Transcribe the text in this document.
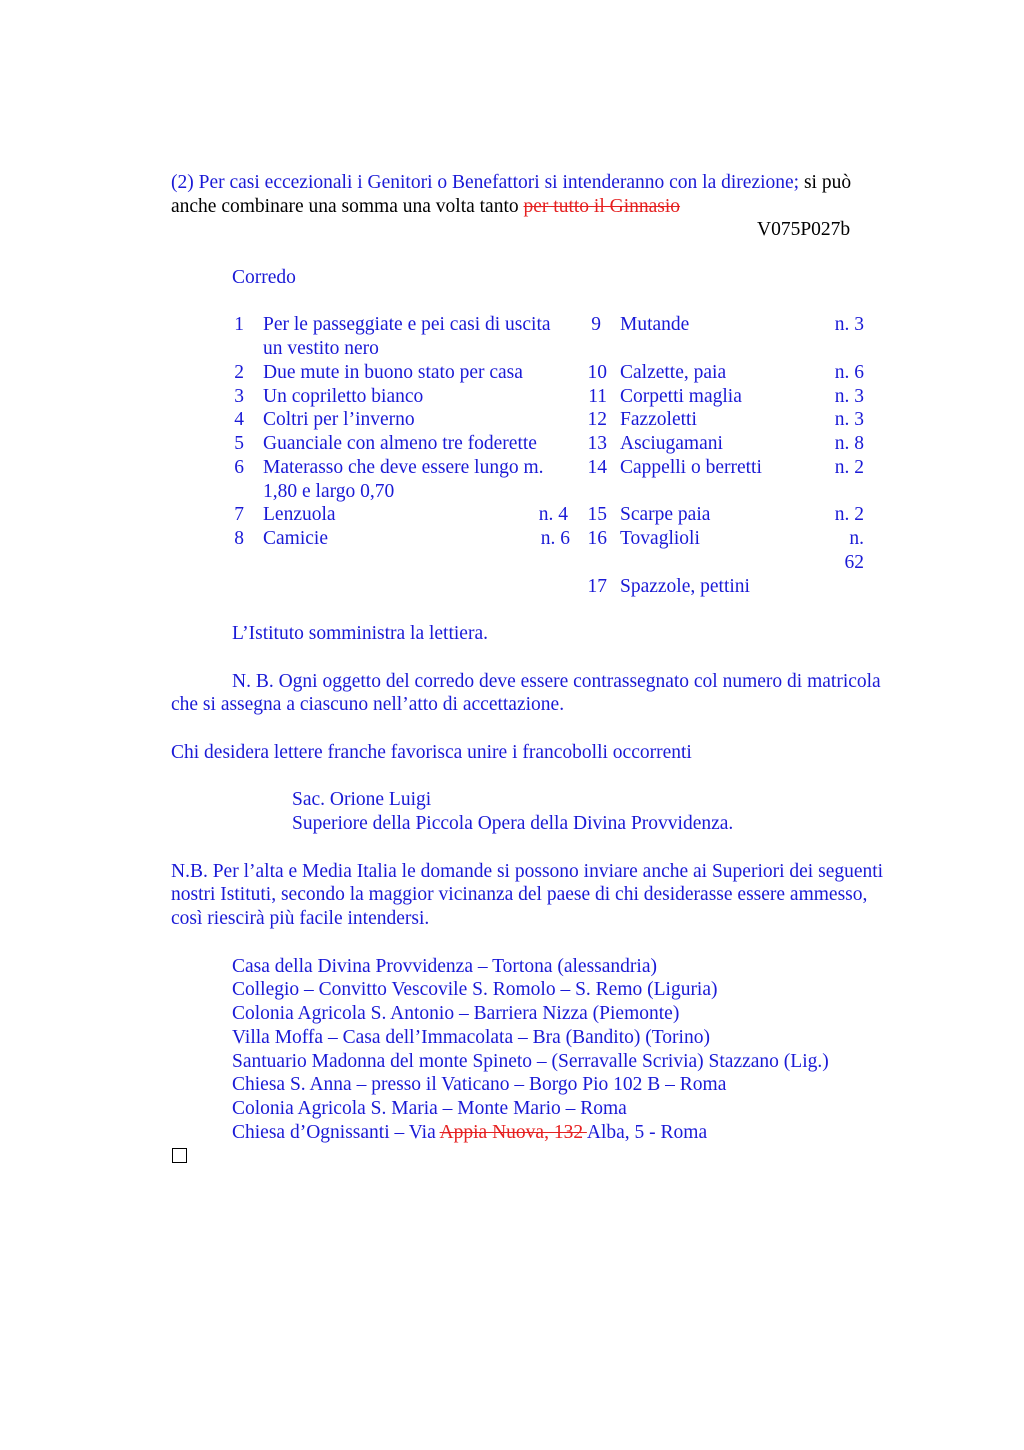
(2) Per casi eccezionali i Genitori o Benefattori si intenderanno con la direzione; si può
anche combinare una somma una volta tanto per tutto il Ginnasio
V075P027b
Corredo
1 Per le passeggiate e pei casi di uscita
un vestito nero
2 Due mute in buono stato per casa
3 Un copriletto bianco
4 Coltri per l’inverno
5 Guanciale con almeno tre foderette
6 Materasso che deve essere lungo m.
1,80 e largo 0,70
7 Lenzuola	n. 4
8 Camicie	n. 6
9 Mutande	n. 3
10 Calzette, paia	n. 6
11 Corpetti maglia	n. 3
12 Fazzoletti	n. 3
13 Asciugamani	n. 8
14 Cappelli o berretti	n. 2
15 Scarpe paia	n. 2
16 Tovaglioli	n.
62
17 Spazzole, pettini
L’Istituto somministra la lettiera.
N. B. Ogni oggetto del corredo deve essere contrassegnato col numero di matricola
che si assegna a ciascuno nell’atto di accettazione.
Chi desidera lettere franche favorisca unire i francobolli occorrenti
Sac. Orione Luigi
Superiore della Piccola Opera della Divina Provvidenza.
N.B. Per l’alta e Media Italia le domande si possono inviare anche ai Superiori dei seguenti
nostri Istituti, secondo la maggior vicinanza del paese di chi desiderasse essere ammesso,
così riescirà più facile intendersi.
Casa della Divina Provvidenza – Tortona (alessandria)
Collegio – Convitto Vescovile S. Romolo – S. Remo (Liguria)
Colonia Agricola S. Antonio – Barriera Nizza (Piemonte)
Villa Moffa – Casa dell’Immacolata – Bra (Bandito) (Torino)
Santuario Madonna del monte Spineto – (Serravalle Scrivia) Stazzano (Lig.)
Chiesa S. Anna – presso il Vaticano – Borgo Pio 102 B – Roma
Colonia Agricola S. Maria – Monte Mario – Roma
Chiesa d’Ognissanti – Via Appia Nuova, 132 Alba, 5 - Roma
